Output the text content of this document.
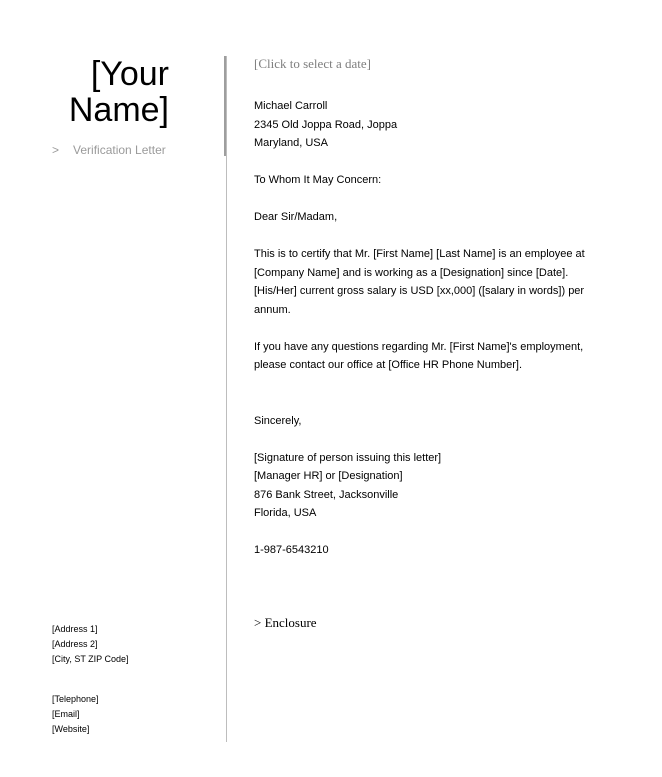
[Your
Name]
> Verification Letter
[Address 1]
[Address 2]
[City, ST ZIP Code]
[Telephone]
[Email]
[Website]
[Click to select a date]
Michael Carroll
2345 Old Joppa Road, Joppa
Maryland, USA
To Whom It May Concern:
Dear Sir/Madam,
This is to certify that Mr. [First Name] [Last Name] is an employee at
[Company Name] and is working as a [Designation] since [Date].
[His/Her] current gross salary is USD [xx,000] ([salary in words]) per
annum.
If you have any questions regarding Mr. [First Name]'s employment,
please contact our office at [Office HR Phone Number].
Sincerely,
[Signature of person issuing this letter]
[Manager HR] or [Designation]
876 Bank Street, Jacksonville
Florida, USA
1-987-6543210
> Enclosure
